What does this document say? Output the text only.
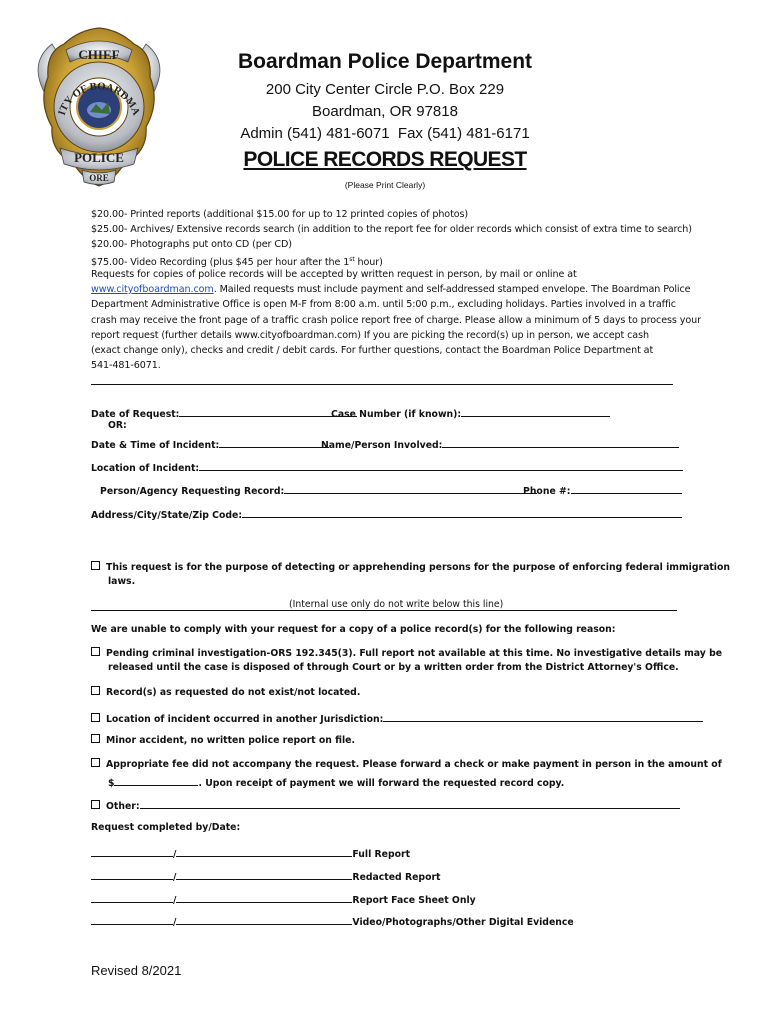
CHIEF
ITY OF BOARDMA
POLICE
ORE
Boardman Police Department
200 City Center Circle P.O. Box 229
Boardman, OR 97818
Admin (541) 481-6071  Fax (541) 481-6171
POLICE RECORDS REQUEST
(Please Print Clearly)
$20.00- Printed reports (additional $15.00 for up to 12 printed copies of photos)
$25.00- Archives/ Extensive records search (in addition to the report fee for older records which consist of extra time to search)
$20.00- Photographs put onto CD (per CD)
$75.00- Video Recording (plus $45 per hour after the 1st hour)
Requests for copies of police records will be accepted by written request in person, by mail or online at
www.cityofboardman.com. Mailed requests must include payment and self-addressed stamped envelope. The Boardman Police
Department Administrative Office is open M-F from 8:00 a.m. until 5:00 p.m., excluding holidays. Parties involved in a traffic
crash may receive the front page of a traffic crash police report free of charge. Please allow a minimum of 5 days to process your
report request (further details www.cityofboardman.com) If you are picking the record(s) up in person, we accept cash
(exact change only), checks and credit / debit cards. For further questions, contact the Boardman Police Department at
541-481-6071.
Date of Request:	Case Number (if known):
OR:
Date & Time of Incident:	Name/Person Involved:
Location of Incident:
Person/Agency Requesting Record:	Phone #:
Address/City/State/Zip Code:
This request is for the purpose of detecting or apprehending persons for the purpose of enforcing federal immigration
laws.
(Internal use only do not write below this line)
We are unable to comply with your request for a copy of a police record(s) for the following reason:
Pending criminal investigation-ORS 192.345(3). Full report not available at this time. No investigative details may be
released until the case is disposed of through Court or by a written order from the District Attorney's Office.
Record(s) as requested do not exist/not located.
Location of incident occurred in another Jurisdiction:
Minor accident, no written police report on file.
Appropriate fee did not accompany the request. Please forward a check or make payment in person in the amount of
$	. Upon receipt of payment we will forward the requested record copy.
Other:
Request completed by/Date:
/	Full Report
/	Redacted Report
/	Report Face Sheet Only
/	Video/Photographs/Other Digital Evidence
Revised 8/2021
